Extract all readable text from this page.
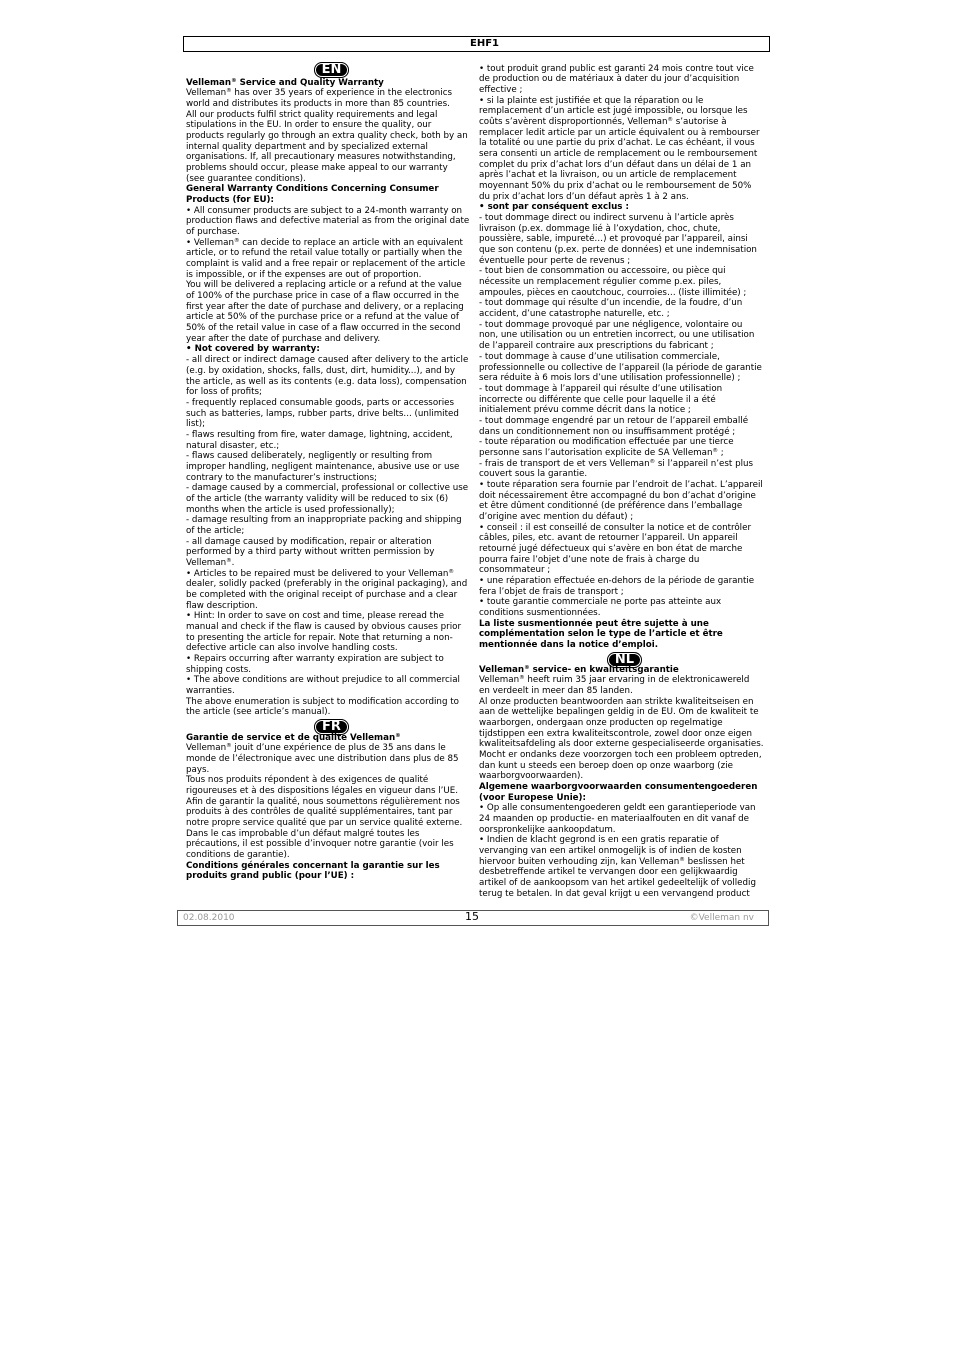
EHF1
EN
Velleman® Service and Quality Warranty
Velleman® has over 35 years of experience in the electronics
world and distributes its products in more than 85 countries.
All our products fulfil strict quality requirements and legal
stipulations in the EU. In order to ensure the quality, our
products regularly go through an extra quality check, both by an
internal quality department and by specialized external
organisations. If, all precautionary measures notwithstanding,
problems should occur, please make appeal to our warranty
(see guarantee conditions).
General Warranty Conditions Concerning Consumer
Products (for EU):
• All consumer products are subject to a 24-month warranty on
production flaws and defective material as from the original date
of purchase.
• Velleman® can decide to replace an article with an equivalent
article, or to refund the retail value totally or partially when the
complaint is valid and a free repair or replacement of the article
is impossible, or if the expenses are out of proportion.
You will be delivered a replacing article or a refund at the value
of 100% of the purchase price in case of a flaw occurred in the
first year after the date of purchase and delivery, or a replacing
article at 50% of the purchase price or a refund at the value of
50% of the retail value in case of a flaw occurred in the second
year after the date of purchase and delivery.
• Not covered by warranty:
- all direct or indirect damage caused after delivery to the article
(e.g. by oxidation, shocks, falls, dust, dirt, humidity...), and by
the article, as well as its contents (e.g. data loss), compensation
for loss of profits;
- frequently replaced consumable goods, parts or accessories
such as batteries, lamps, rubber parts, drive belts... (unlimited
list);
- flaws resulting from fire, water damage, lightning, accident,
natural disaster, etc.;
- flaws caused deliberately, negligently or resulting from
improper handling, negligent maintenance, abusive use or use
contrary to the manufacturer’s instructions;
- damage caused by a commercial, professional or collective use
of the article (the warranty validity will be reduced to six (6)
months when the article is used professionally);
- damage resulting from an inappropriate packing and shipping
of the article;
- all damage caused by modification, repair or alteration
performed by a third party without written permission by
Velleman®.
• Articles to be repaired must be delivered to your Velleman®
dealer, solidly packed (preferably in the original packaging), and
be completed with the original receipt of purchase and a clear
flaw description.
• Hint: In order to save on cost and time, please reread the
manual and check if the flaw is caused by obvious causes prior
to presenting the article for repair. Note that returning a non-
defective article can also involve handling costs.
• Repairs occurring after warranty expiration are subject to
shipping costs.
• The above conditions are without prejudice to all commercial
warranties.
The above enumeration is subject to modification according to
the article (see article’s manual).
FR
Garantie de service et de qualité Velleman®
Velleman® jouit d’une expérience de plus de 35 ans dans le
monde de l’électronique avec une distribution dans plus de 85
pays.
Tous nos produits répondent à des exigences de qualité
rigoureuses et à des dispositions légales en vigueur dans l’UE.
Afin de garantir la qualité, nous soumettons régulièrement nos
produits à des contrôles de qualité supplémentaires, tant par
notre propre service qualité que par un service qualité externe.
Dans le cas improbable d’un défaut malgré toutes les
précautions, il est possible d’invoquer notre garantie (voir les
conditions de garantie).
Conditions générales concernant la garantie sur les
produits grand public (pour l’UE) :
• tout produit grand public est garanti 24 mois contre tout vice
de production ou de matériaux à dater du jour d’acquisition
effective ;
• si la plainte est justifiée et que la réparation ou le
remplacement d’un article est jugé impossible, ou lorsque les
coûts s’avèrent disproportionnés, Velleman® s’autorise à
remplacer ledit article par un article équivalent ou à rembourser
la totalité ou une partie du prix d’achat. Le cas échéant, il vous
sera consenti un article de remplacement ou le remboursement
complet du prix d’achat lors d’un défaut dans un délai de 1 an
après l’achat et la livraison, ou un article de remplacement
moyennant 50% du prix d’achat ou le remboursement de 50%
du prix d’achat lors d’un défaut après 1 à 2 ans.
• sont par conséquent exclus :
- tout dommage direct ou indirect survenu à l’article après
livraison (p.ex. dommage lié à l’oxydation, choc, chute,
poussière, sable, impureté…) et provoqué par l’appareil, ainsi
que son contenu (p.ex. perte de données) et une indemnisation
éventuelle pour perte de revenus ;
- tout bien de consommation ou accessoire, ou pièce qui
nécessite un remplacement régulier comme p.ex. piles,
ampoules, pièces en caoutchouc, courroies… (liste illimitée) ;
- tout dommage qui résulte d’un incendie, de la foudre, d’un
accident, d’une catastrophe naturelle, etc. ;
- tout dommage provoqué par une négligence, volontaire ou
non, une utilisation ou un entretien incorrect, ou une utilisation
de l’appareil contraire aux prescriptions du fabricant ;
- tout dommage à cause d’une utilisation commerciale,
professionnelle ou collective de l’appareil (la période de garantie
sera réduite à 6 mois lors d’une utilisation professionnelle) ;
- tout dommage à l’appareil qui résulte d’une utilisation
incorrecte ou différente que celle pour laquelle il a été
initialement prévu comme décrit dans la notice ;
- tout dommage engendré par un retour de l’appareil emballé
dans un conditionnement non ou insuffisamment protégé ;
- toute réparation ou modification effectuée par une tierce
personne sans l’autorisation explicite de SA Velleman® ;
- frais de transport de et vers Velleman® si l’appareil n’est plus
couvert sous la garantie.
• toute réparation sera fournie par l’endroit de l’achat. L’appareil
doit nécessairement être accompagné du bon d’achat d’origine
et être dûment conditionné (de préférence dans l’emballage
d’origine avec mention du défaut) ;
• conseil : il est conseillé de consulter la notice et de contrôler
câbles, piles, etc. avant de retourner l’appareil. Un appareil
retourné jugé défectueux qui s’avère en bon état de marche
pourra faire l’objet d’une note de frais à charge du
consommateur ;
• une réparation effectuée en-dehors de la période de garantie
fera l’objet de frais de transport ;
• toute garantie commerciale ne porte pas atteinte aux
conditions susmentionnées.
La liste susmentionnée peut être sujette à une
complémentation selon le type de l’article et être
mentionnée dans la notice d’emploi.
NL
Velleman® service- en kwaliteitsgarantie
Velleman® heeft ruim 35 jaar ervaring in de elektronicawereld
en verdeelt in meer dan 85 landen.
Al onze producten beantwoorden aan strikte kwaliteitseisen en
aan de wettelijke bepalingen geldig in de EU. Om de kwaliteit te
waarborgen, ondergaan onze producten op regelmatige
tijdstippen een extra kwaliteitscontrole, zowel door onze eigen
kwaliteitsafdeling als door externe gespecialiseerde organisaties.
Mocht er ondanks deze voorzorgen toch een probleem optreden,
dan kunt u steeds een beroep doen op onze waarborg (zie
waarborgvoorwaarden).
Algemene waarborgvoorwaarden consumentengoederen
(voor Europese Unie):
• Op alle consumentengoederen geldt een garantieperiode van
24 maanden op productie- en materiaalfouten en dit vanaf de
oorspronkelijke aankoopdatum.
• Indien de klacht gegrond is en een gratis reparatie of
vervanging van een artikel onmogelijk is of indien de kosten
hiervoor buiten verhouding zijn, kan Velleman® beslissen het
desbetreffende artikel te vervangen door een gelijkwaardig
artikel of de aankoopsom van het artikel gedeeltelijk of volledig
terug te betalen. In dat geval krijgt u een vervangend product
02.08.2010	15	©Velleman nv
